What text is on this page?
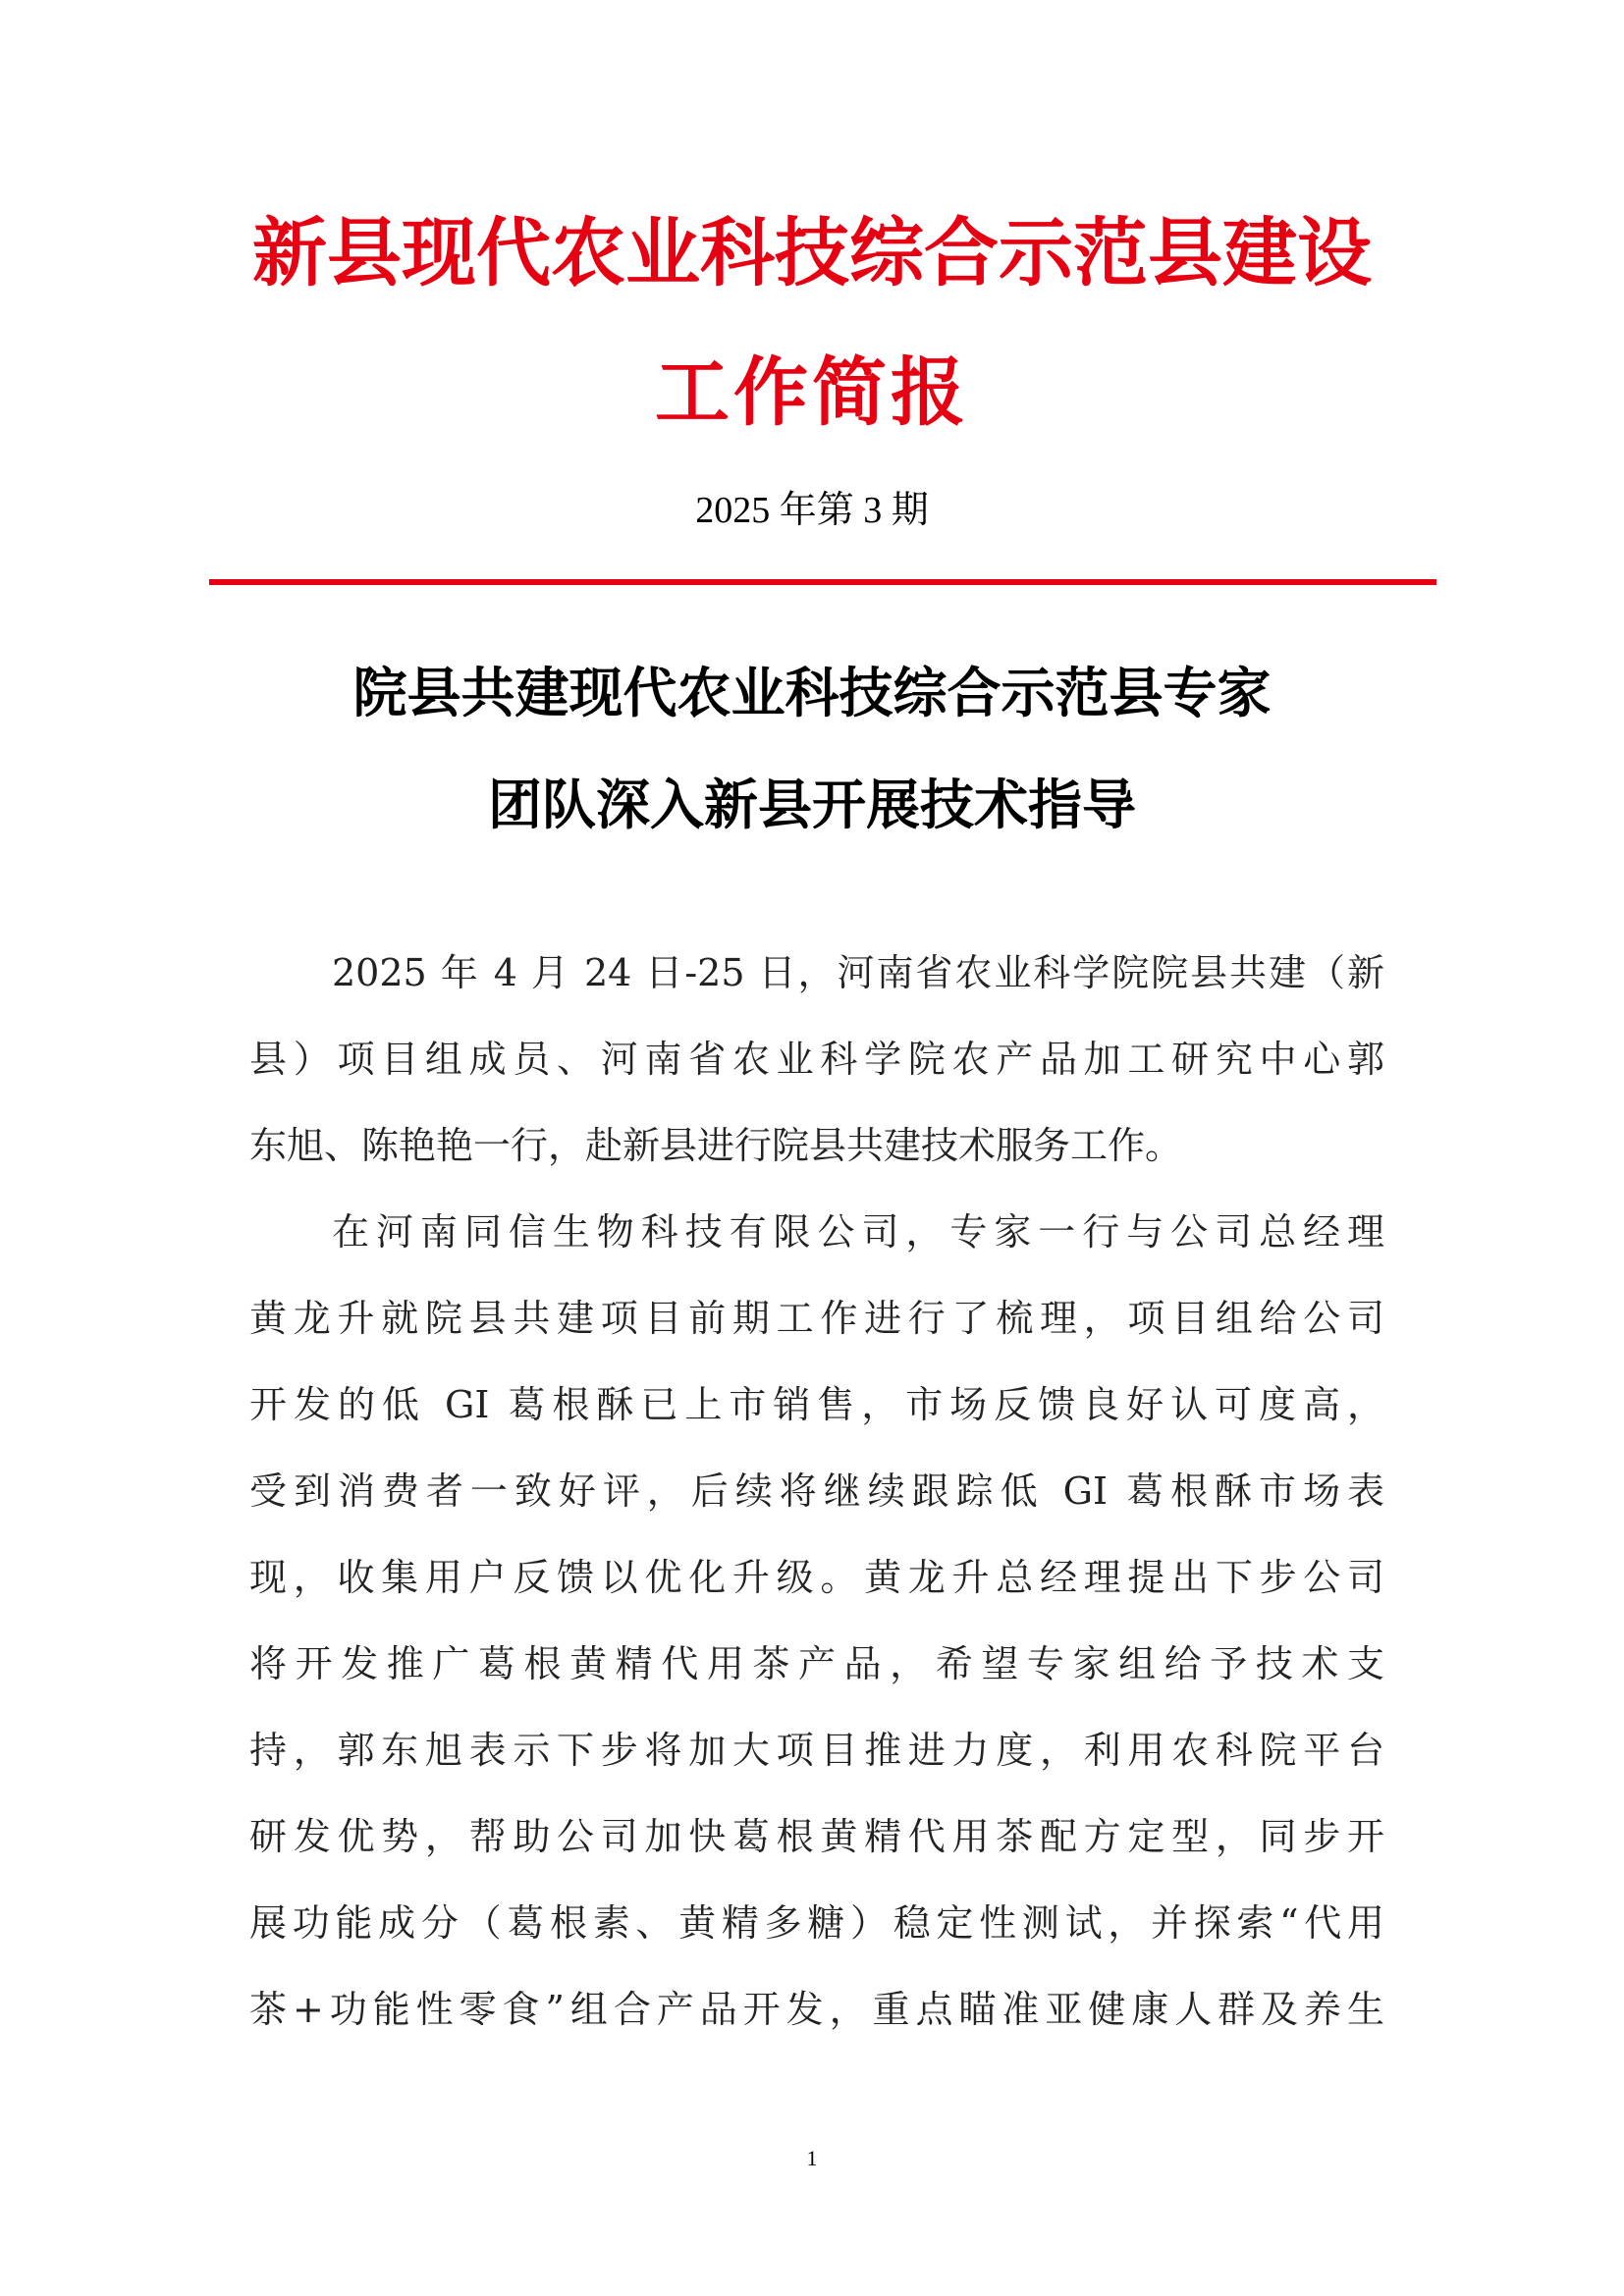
新县现代农业科技综合示范县建设
工作简报
2025 年第 3 期
院县共建现代农业科技综合示范县专家
团队深入新县开展技术指导
2025 年 4 月 24 日-25 日，河南省农业科学院院县共建（新
县）项目组成员、河南省农业科学院农产品加工研究中心郭
东旭、陈艳艳一行，赴新县进行院县共建技术服务工作。
在河南同信生物科技有限公司，专家一行与公司总经理
黄龙升就院县共建项目前期工作进行了梳理，项目组给公司
开发的低 GI 葛根酥已上市销售，市场反馈良好认可度高，
受到消费者一致好评，后续将继续跟踪低 GI 葛根酥市场表
现，收集用户反馈以优化升级。黄龙升总经理提出下步公司
将开发推广葛根黄精代用茶产品，希望专家组给予技术支
持，郭东旭表示下步将加大项目推进力度，利用农科院平台
研发优势，帮助公司加快葛根黄精代用茶配方定型，同步开
展功能成分（葛根素、黄精多糖）稳定性测试，并探索“代用
茶+功能性零食”组合产品开发，重点瞄准亚健康人群及养生
1
